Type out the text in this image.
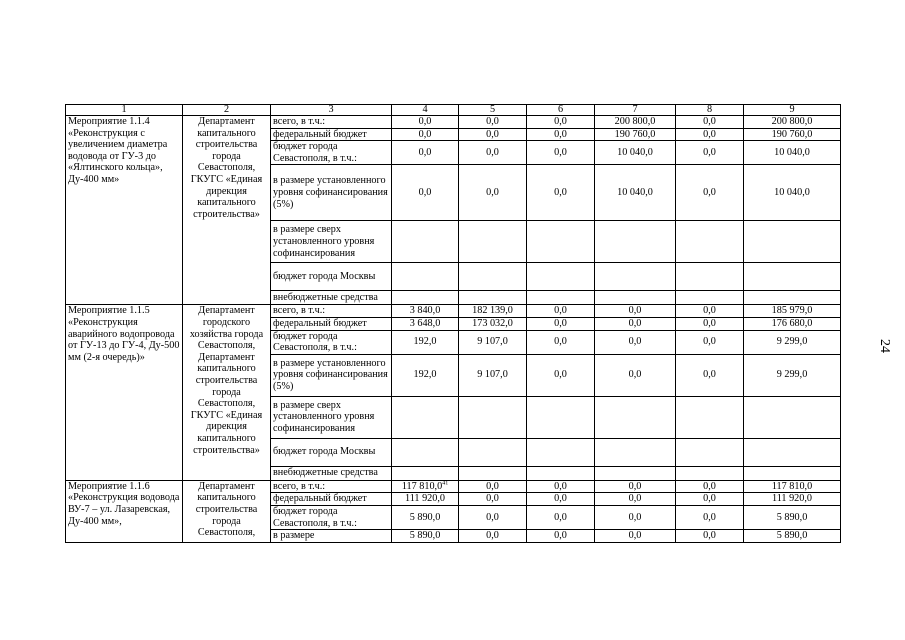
24
1	2	3	4	5	6	7	8	9
Мероприятие 1.1.4 «Реконструкция с увеличением диаметра водовода от ГУ-3 до «Ялтинского кольца», Ду-400 мм»	Департамент капитального строительства города Севастополя, ГКУГС «Единая дирекция капитального строительства»	всего, в т.ч.:	0,0	0,0	0,0	200 800,0	0,0	200 800,0
		федеральный бюджет	0,0	0,0	0,0	190 760,0	0,0	190 760,0
		бюджет города Севастополя, в т.ч.:	0,0	0,0	0,0	10 040,0	0,0	10 040,0
		в размере установленного уровня софинансирования (5%)	0,0	0,0	0,0	10 040,0	0,0	10 040,0
		в размере сверх установленного уровня софинансирования						
		бюджет города Москвы						
		внебюджетные средства						
Мероприятие 1.1.5 «Реконструкция аварийного водопровода от ГУ-13 до ГУ-4, Ду-500 мм (2-я очередь)»	Департамент городского хозяйства города Севастополя, Департамент капитального строительства города Севастополя, ГКУГС «Единая дирекция капитального строительства»	всего, в т.ч.:	3 840,0	182 139,0	0,0	0,0	0,0	185 979,0
		федеральный бюджет	3 648,0	173 032,0	0,0	0,0	0,0	176 680,0
		бюджет города Севастополя, в т.ч.:	192,0	9 107,0	0,0	0,0	0,0	9 299,0
		в размере установленного уровня софинансирования (5%)	192,0	9 107,0	0,0	0,0	0,0	9 299,0
		в размере сверх установленного уровня софинансирования						
		бюджет города Москвы						
		внебюджетные средства						
Мероприятие 1.1.6 «Реконструкция водовода ВУ-7 – ул. Лазаревская, Ду-400 мм»,	Департамент капитального строительства города Севастополя,	всего, в т.ч.:	117 810,0$^{41}$	0,0	0,0	0,0	0,0	117 810,0
		федеральный бюджет	111 920,0	0,0	0,0	0,0	0,0	111 920,0
		бюджет города Севастополя, в т.ч.:	5 890,0	0,0	0,0	0,0	0,0	5 890,0
		в размере	5 890,0	0,0	0,0	0,0	0,0	5 890,0
